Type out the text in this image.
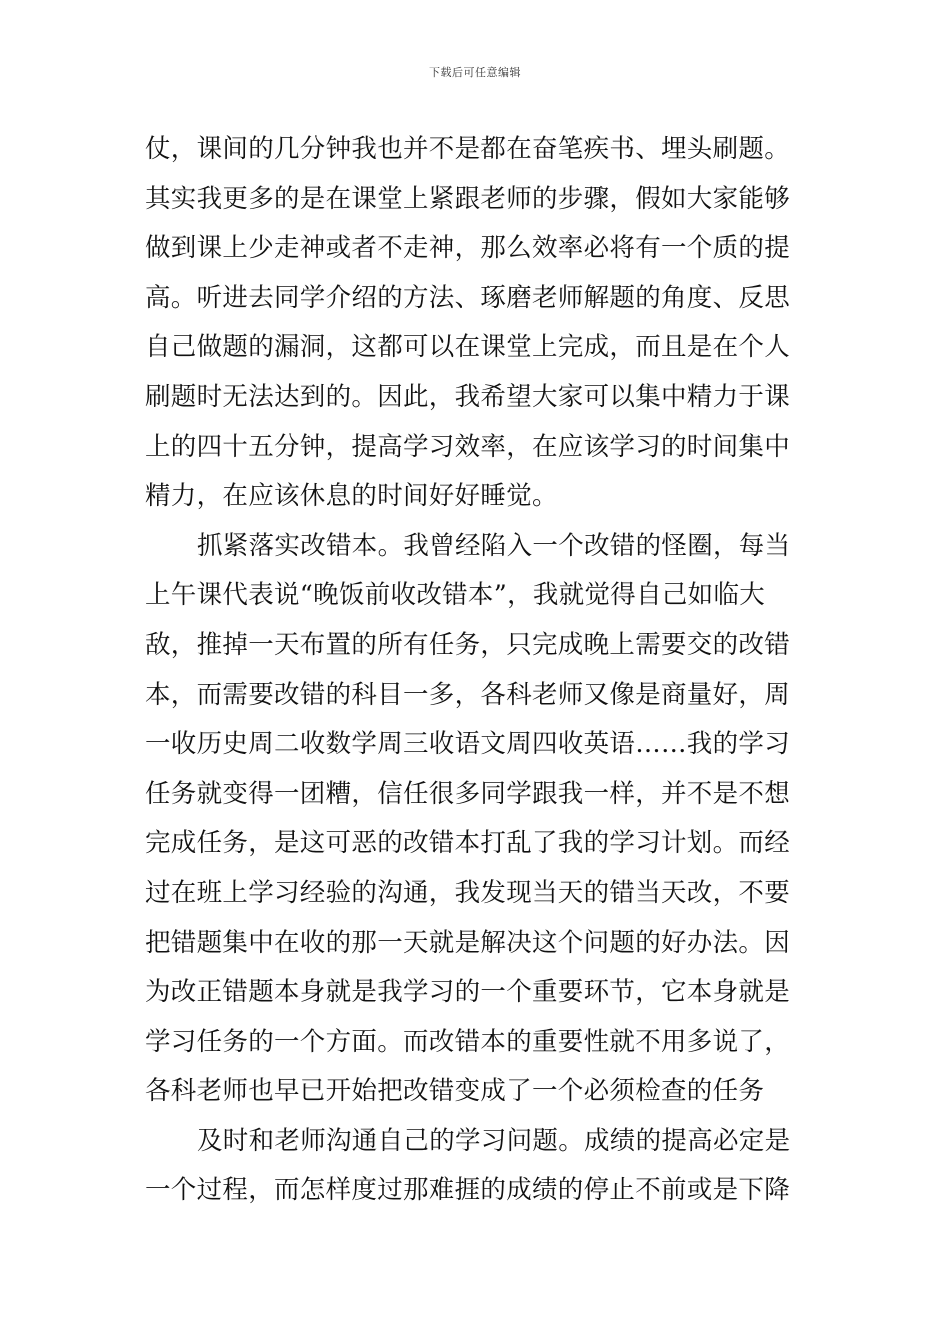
下载后可任意编辑
仗，课间的几分钟我也并不是都在奋笔疾书、埋头刷题。
其实我更多的是在课堂上紧跟老师的步骤，假如大家能够
做到课上少走神或者不走神，那么效率必将有一个质的提
高。听进去同学介绍的方法、琢磨老师解题的角度、反思
自己做题的漏洞，这都可以在课堂上完成，而且是在个人
刷题时无法达到的。因此，我希望大家可以集中精力于课
上的四十五分钟，提高学习效率，在应该学习的时间集中
精力，在应该休息的时间好好睡觉。
抓紧落实改错本。我曾经陷入一个改错的怪圈，每当
上午课代表说“晚饭前收改错本”，我就觉得自己如临大
敌，推掉一天布置的所有任务，只完成晚上需要交的改错
本，而需要改错的科目一多，各科老师又像是商量好，周
一收历史周二收数学周三收语文周四收英语……我的学习
任务就变得一团糟，信任很多同学跟我一样，并不是不想
完成任务，是这可恶的改错本打乱了我的学习计划。而经
过在班上学习经验的沟通，我发现当天的错当天改，不要
把错题集中在收的那一天就是解决这个问题的好办法。因
为改正错题本身就是我学习的一个重要环节，它本身就是
学习任务的一个方面。而改错本的重要性就不用多说了，
各科老师也早已开始把改错变成了一个必须检查的任务
及时和老师沟通自己的学习问题。成绩的提高必定是
一个过程，而怎样度过那难捱的成绩的停止不前或是下降
